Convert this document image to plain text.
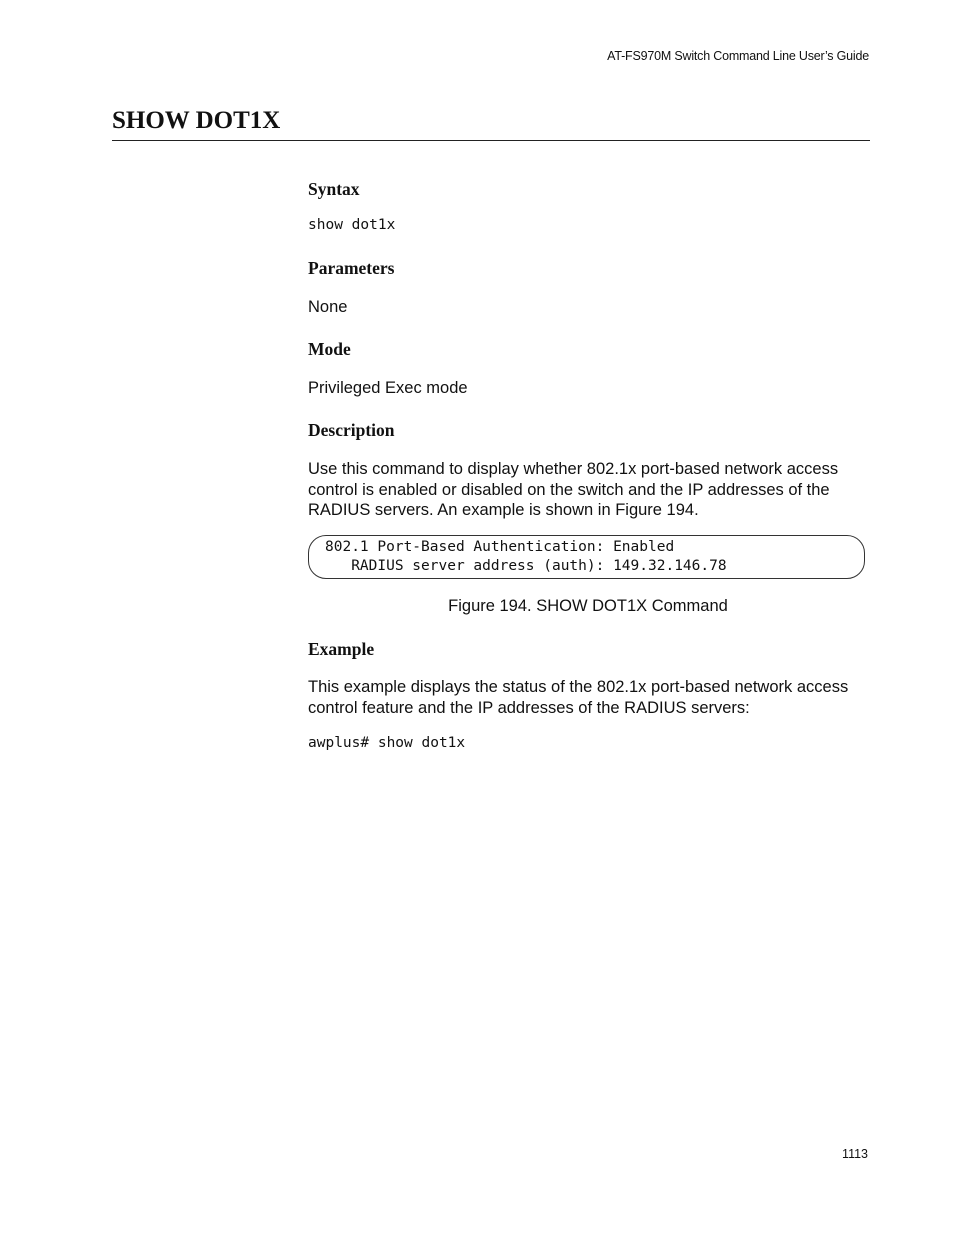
AT-FS970M Switch Command Line User’s Guide
SHOW DOT1X
Syntax

show dot1x

Parameters

None

Mode

Privileged Exec mode

Description

Use this command to display whether 802.1x port-based network access

control is enabled or disabled on the switch and the IP addresses of the

RADIUS servers. An example is shown in Figure 194.

802.1 Port-Based Authentication: Enabled
RADIUS server address (auth): 149.32.146.78
Figure 194. SHOW DOT1X Command
Example

This example displays the status of the 802.1x port-based network access

control feature and the IP addresses of the RADIUS servers:

awplus# show dot1x

1113
